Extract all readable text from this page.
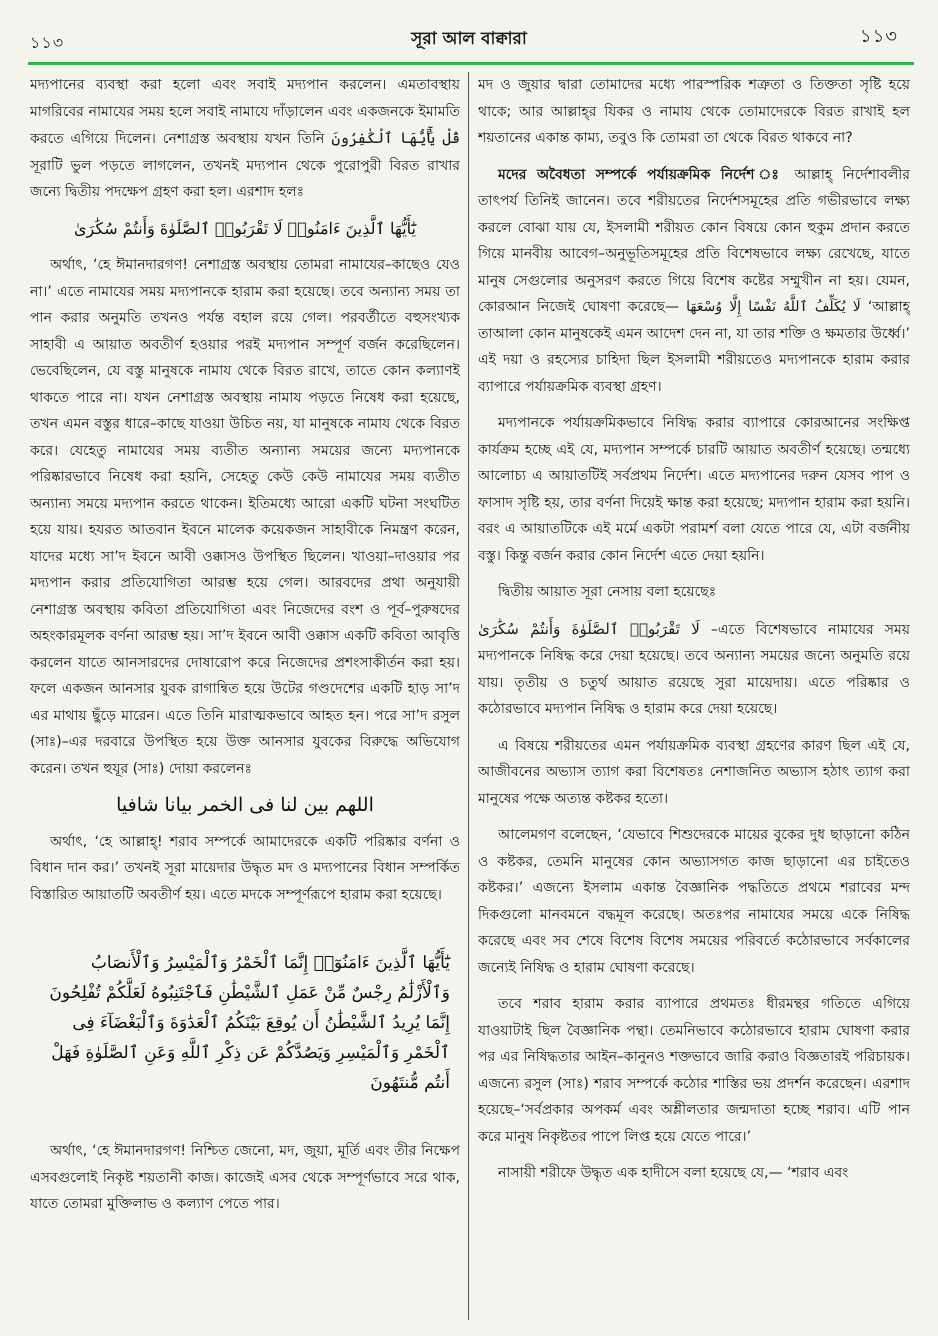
১১৩	সূরা আল বাক্বারা	১১৩

মদ্যপানের ব্যবস্থা করা হলো এবং সবাই মদ্যপান করলেন। এমতাবস্থায় মাগরিবের নামাযের সময় হলে সবাই নামাযে দাঁড়ালেন এবং একজনকে ইমামতি করতে এগিয়ে দিলেন। নেশাগ্রস্ত অবস্থায় যখন তিনি قُلْ يَٰٓأَيُّهَا ٱلْكَٰفِرُونَ সূরাটি ভুল পড়তে লাগলেন, তখনই মদ্যপান থেকে পুরোপুরী বিরত রাখার জন্যে দ্বিতীয় পদক্ষেপ গ্রহণ করা হল। এরশাদ হলঃ

يَٰٓأَيُّهَا ٱلَّذِينَ ءَامَنُوا۟ لَا تَقْرَبُوا۟ ٱلصَّلَوٰةَ وَأَنتُمْ سُكَٰرَىٰ

অর্থাৎ, ‘হে ঈমানদারগণ! নেশাগ্রস্ত অবস্থায় তোমরা নামাযের–কাছেও যেও না।’ এতে নামাযের সময় মদ্যপানকে হারাম করা হয়েছে। তবে অন্যান্য সময় তা পান করার অনুমতি তখনও পর্যন্ত বহাল রয়ে গেল। পরবর্তীতে বহুসংখ্যক সাহাবী এ আয়াত অবতীর্ণ হওয়ার পরই মদ্যপান সম্পূর্ণ বর্জন করেছিলেন। ভেবেছিলেন, যে বস্তু মানুষকে নামায থেকে বিরত রাখে, তাতে কোন কল্যাণই থাকতে পারে না। যখন নেশাগ্রস্ত অবস্থায় নামায পড়তে নিষেধ করা হয়েছে, তখন এমন বস্তুর ধারে–কাছে যাওয়া উচিত নয়, যা মানুষকে নামায থেকে বিরত করে। যেহেতু নামাযের সময় ব্যতীত অন্যান্য সময়ের জন্যে মদ্যপানকে পরিষ্কারভাবে নিষেধ করা হয়নি, সেহেতু কেউ কেউ নামাযের সময় ব্যতীত অন্যান্য সময়ে মদ্যপান করতে থাকেন। ইতিমধ্যে আরো একটি ঘটনা সংঘটিত হয়ে যায়। হযরত আতবান ইবনে মালেক কয়েকজন সাহাবীকে নিমন্ত্রণ করেন, যাদের মধ্যে সা’দ ইবনে আবী ওক্কাসও উপস্থিত ছিলেন। খাওয়া–দাওয়ার পর মদ্যপান করার প্রতিযোগিতা আরম্ভ হয়ে গেল। আরবদের প্রথা অনুযায়ী নেশাগ্রস্ত অবস্থায় কবিতা প্রতিযোগিতা এবং নিজেদের বংশ ও পূর্ব–পুরুষদের অহংকারমূলক বর্ণনা আরম্ভ হয়। সা’দ ইবনে আবী ওক্কাস একটি কবিতা আবৃত্তি করলেন যাতে আনসারদের দোষারোপ করে নিজেদের প্রশংসাকীর্তন করা হয়। ফলে একজন আনসার যুবক রাগান্বিত হয়ে উটের গণ্ডদেশের একটি হাড় সা’দ এর মাথায় ছুঁড়ে মারেন। এতে তিনি মারাত্মকভাবে আহত হন। পরে সা’দ রসুল (সাঃ)–এর দরবারে উপস্থিত হয়ে উক্ত আনসার যুবকের বিরুদ্ধে অভিযোগ করেন। তখন হুযূর (সাঃ) দোয়া করলেনঃ

اللهم بين لنا فى الخمر بيانا شافيا

অর্থাৎ, ‘হে আল্লাহ্! শরাব সম্পর্কে আমাদেরকে একটি পরিষ্কার বর্ণনা ও বিধান দান কর।’ তখনই সূরা মায়েদার উদ্ধৃত মদ ও মদ্যপানের বিধান সম্পর্কিত বিস্তারিত আয়াতটি অবতীর্ণ হয়। এতে মদকে সম্পূর্ণরূপে হারাম করা হয়েছে।

يَٰٓأَيُّهَا ٱلَّذِينَ ءَامَنُوٓا۟ إِنَّمَا ٱلْخَمْرُ وَٱلْمَيْسِرُ وَٱلْأَنصَابُ وَٱلْأَزْلَٰمُ رِجْسٌ مِّنْ عَمَلِ ٱلشَّيْطَٰنِ فَٱجْتَنِبُوهُ لَعَلَّكُمْ تُفْلِحُونَ إِنَّمَا يُرِيدُ ٱلشَّيْطَٰنُ أَن يُوقِعَ بَيْنَكُمُ ٱلْعَدَٰوَةَ وَٱلْبَغْضَآءَ فِى ٱلْخَمْرِ وَٱلْمَيْسِرِ وَيَصُدَّكُمْ عَن ذِكْرِ ٱللَّهِ وَعَنِ ٱلصَّلَوٰةِ فَهَلْ أَنتُم مُّنتَهُونَ

অর্থাৎ, ‘হে ঈমানদারগণ! নিশ্চিত জেনো, মদ, জুয়া, মূর্তি এবং তীর নিক্ষেপ এসবগুলোই নিকৃষ্ট শয়তানী কাজ। কাজেই এসব থেকে সম্পূর্ণভাবে সরে থাক, যাতে তোমরা মুক্তিলাভ ও কল্যাণ পেতে পার।

মদ ও জুয়ার দ্বারা তোমাদের মধ্যে পারস্পরিক শত্রুতা ও তিক্ততা সৃষ্টি হয়ে থাকে; আর আল্লাহ্‌র যিকর ও নামায থেকে তোমাদেরকে বিরত রাখাই হল শয়তানের একান্ত কাম্য, তবুও কি তোমরা তা থেকে বিরত থাকবে না?

মদের অবৈধতা সম্পর্কে পর্যায়ক্রমিক নির্দেশ ঃ আল্লাহ্ নির্দেশাবলীর তাৎপর্য তিনিই জানেন। তবে শরীয়তের নির্দেশসমূহের প্রতি গভীরভাবে লক্ষ্য করলে বোঝা যায় যে, ইসলামী শরীয়ত কোন বিষয়ে কোন হুকুম প্রদান করতে গিয়ে মানবীয় আবেগ–অনুভূতিসমূহের প্রতি বিশেষভাবে লক্ষ্য রেখেছে, যাতে মানুষ সেগুলোর অনুসরণ করতে গিয়ে বিশেষ কষ্টের সম্মুখীন না হয়। যেমন, কোরআন নিজেই ঘোষণা করেছে— لَا يُكَلِّفُ ٱللَّهُ نَفْسًا إِلَّا وُسْعَهَا ‘আল্লাহ্ তাআলা কোন মানুষকেই এমন আদেশ দেন না, যা তার শক্তি ও ক্ষমতার উর্ধ্বে।’ এই দয়া ও রহস্যের চাহিদা ছিল ইসলামী শরীয়তেও মদ্যপানকে হারাম করার ব্যাপারে পর্যায়ক্রমিক ব্যবস্থা গ্রহণ।

মদ্যপানকে পর্যায়ক্রমিকভাবে নিষিদ্ধ করার ব্যাপারে কোরআনের সংক্ষিপ্ত কার্যক্রম হচ্ছে এই যে, মদ্যপান সম্পর্কে চারটি আয়াত অবতীর্ণ হয়েছে। তন্মধ্যে আলোচ্য এ আয়াতটিই সর্বপ্রথম নির্দেশ। এতে মদ্যপানের দরুন যেসব পাপ ও ফাসাদ সৃষ্টি হয়, তার বর্ণনা দিয়েই ক্ষান্ত করা হয়েছে; মদ্যপান হারাম করা হয়নি। বরং এ আয়াতটিকে এই মর্মে একটা পরামর্শ বলা যেতে পারে যে, এটা বর্জনীয় বস্তু। কিন্তু বর্জন করার কোন নির্দেশ এতে দেয়া হয়নি।

দ্বিতীয় আয়াত সূরা নেসায় বলা হয়েছেঃ

لَا تَقْرَبُوا۟ ٱلصَّلَوٰةَ وَأَنتُمْ سُكَٰرَىٰ –এতে বিশেষভাবে নামাযের সময় মদ্যপানকে নিষিদ্ধ করে দেয়া হয়েছে। তবে অন্যান্য সময়ের জন্যে অনুমতি রয়ে যায়। তৃতীয় ও চতুর্থ আয়াত রয়েছে সুরা মায়েদায়। এতে পরিষ্কার ও কঠোরভাবে মদ্যপান নিষিদ্ধ ও হারাম করে দেয়া হয়েছে।

এ বিষয়ে শরীয়তের এমন পর্যায়ক্রমিক ব্যবস্থা গ্রহণের কারণ ছিল এই যে, আজীবনের অভ্যাস ত্যাগ করা বিশেষতঃ নেশাজনিত অভ্যাস হঠাৎ ত্যাগ করা মানুষের পক্ষে অত্যন্ত কষ্টকর হতো।

আলেমগণ বলেছেন, ‘যেভাবে শিশুদেরকে মায়ের বুকের দুধ ছাড়ানো কঠিন ও কষ্টকর, তেমনি মানুষের কোন অভ্যাসগত কাজ ছাড়ানো এর চাইতেও কষ্টকর।’ এজন্যে ইসলাম একান্ত বৈজ্ঞানিক পদ্ধতিতে প্রথমে শরাবের মন্দ দিকগুলো মানবমনে বদ্ধমূল করেছে। অতঃপর নামাযের সময়ে একে নিষিদ্ধ করেছে এবং সব শেষে বিশেষ বিশেষ সময়ের পরিবর্তে কঠোরভাবে সর্বকালের জন্যেই নিষিদ্ধ ও হারাম ঘোষণা করেছে।

তবে শরাব হারাম করার ব্যাপারে প্রথমতঃ ধীরমন্থর গতিতে এগিয়ে যাওয়াটাই ছিল বৈজ্ঞানিক পন্থা। তেমনিভাবে কঠোরভাবে হারাম ঘোষণা করার পর এর নিষিদ্ধতার আইন–কানুনও শক্তভাবে জারি করাও বিজ্ঞতারই পরিচায়ক। এজন্যে রসুল (সাঃ) শরাব সম্পর্কে কঠোর শাস্তির ভয় প্রদর্শন করেছেন। এরশাদ হয়েছে–‘সর্বপ্রকার অপকর্ম এবং অশ্লীলতার জন্মদাতা হচ্ছে শরাব। এটি পান করে মানুষ নিকৃষ্টতর পাপে লিপ্ত হয়ে যেতে পারে।’

নাসায়ী শরীফে উদ্ধৃত এক হাদীসে বলা হয়েছে যে,— ‘শরাব এবং
